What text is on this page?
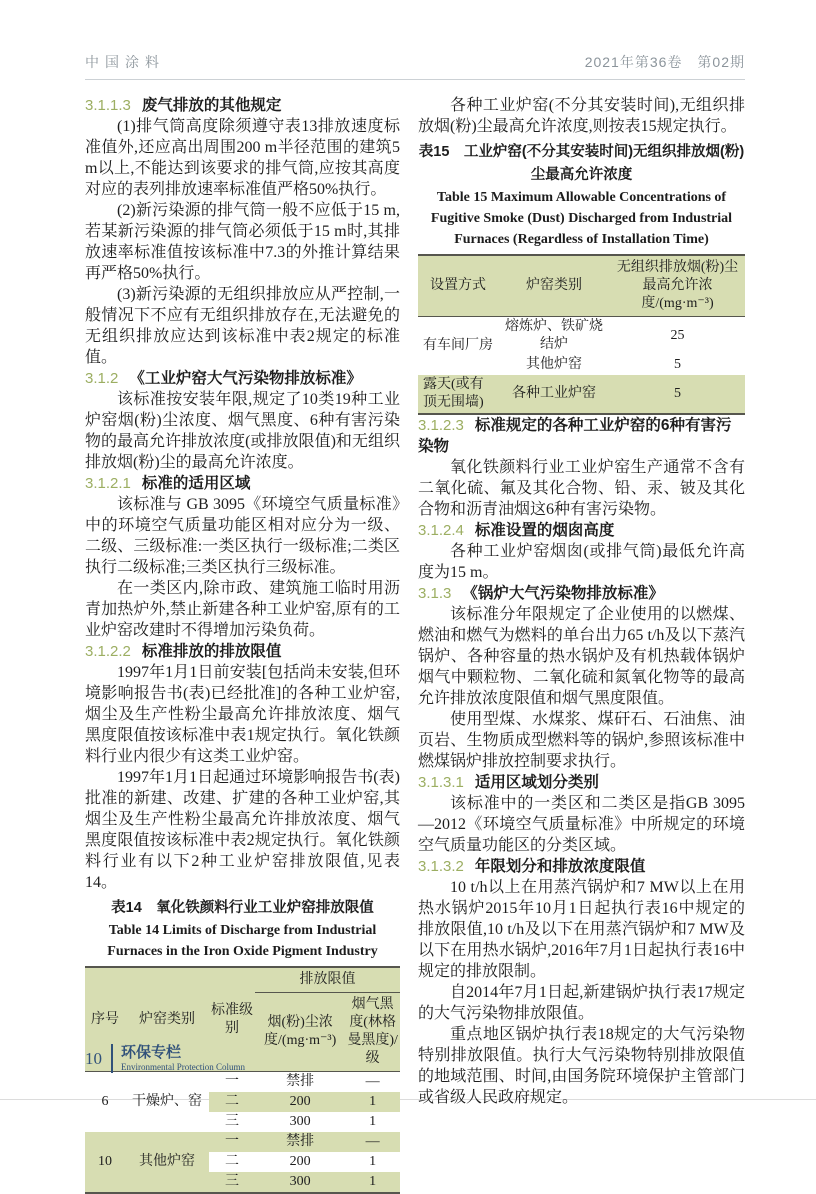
中国涂料	2021年第36卷　第02期

3.1.1.3 废气排放的其他规定

(1)排气筒高度除须遵守表13排放速度标准值外,还应高出周围200 m半径范围的建筑5 m以上,不能达到该要求的排气筒,应按其高度对应的表列排放速率标准值严格50%执行。

(2)新污染源的排气筒一般不应低于15 m,若某新污染源的排气筒必须低于15 m时,其排放速率标准值按该标准中7.3的外推计算结果再严格50%执行。

(3)新污染源的无组织排放应从严控制,一般情况下不应有无组织排放存在,无法避免的无组织排放应达到该标准中表2规定的标准值。

3.1.2 《工业炉窑大气污染物排放标准》

该标准按安装年限,规定了10类19种工业炉窑烟(粉)尘浓度、烟气黑度、6种有害污染物的最高允许排放浓度(或排放限值)和无组织排放烟(粉)尘的最高允许浓度。

3.1.2.1 标准的适用区域

该标准与 GB 3095《环境空气质量标准》中的环境空气质量功能区相对应分为一级、二级、三级标准:一类区执行一级标准;二类区执行二级标准;三类区执行三级标准。

在一类区内,除市政、建筑施工临时用沥青加热炉外,禁止新建各种工业炉窑,原有的工业炉窑改建时不得增加污染负荷。

3.1.2.2 标准排放的排放限值

1997年1月1日前安装[包括尚未安装,但环境影响报告书(表)已经批准]的各种工业炉窑,烟尘及生产性粉尘最高允许排放浓度、烟气黑度限值按该标准中表1规定执行。氧化铁颜料行业内很少有这类工业炉窑。

1997年1月1日起通过环境影响报告书(表)批准的新建、改建、扩建的各种工业炉窑,其烟尘及生产性粉尘最高允许排放浓度、烟气黑度限值按该标准中表2规定执行。氧化铁颜料行业有以下2种工业炉窑排放限值,见表14。

表14　氧化铁颜料行业工业炉窑排放限值

Table 14 Limits of Discharge from Industrial Furnaces in the Iron Oxide Pigment Industry

序号	炉窑类别	标准级别	排放限值	
			烟(粉)尘浓度/(mg·m⁻³)	烟气黑度(林格曼黑度)/级
6	干燥炉、窑	一	禁排	—
		二	200	1
		三	300	1
10	其他炉窑	一	禁排	—
		二	200	1
		三	300	1

各种工业炉窑(不分其安装时间),无组织排放烟(粉)尘最高允许浓度,则按表15规定执行。

表15　工业炉窑(不分其安装时间)无组织排放烟(粉)尘最高允许浓度

Table 15 Maximum Allowable Concentrations of Fugitive Smoke (Dust) Discharged from Industrial Furnaces (Regardless of Installation Time)

设置方式	炉窑类别	无组织排放烟(粉)尘最高允许浓度/(mg·m⁻³)
有车间厂房	熔炼炉、铁矿烧结炉	25
	其他炉窑	5
露天(或有顶无围墙)	各种工业炉窑	5

3.1.2.3 标准规定的各种工业炉窑的6种有害污染物

氧化铁颜料行业工业炉窑生产通常不含有二氧化硫、氟及其化合物、铅、汞、铍及其化合物和沥青油烟这6种有害污染物。

3.1.2.4 标准设置的烟囱高度

各种工业炉窑烟囱(或排气筒)最低允许高度为15 m。

3.1.3 《锅炉大气污染物排放标准》

该标准分年限规定了企业使用的以燃煤、燃油和燃气为燃料的单台出力65 t/h及以下蒸汽锅炉、各种容量的热水锅炉及有机热载体锅炉烟气中颗粒物、二氧化硫和氮氧化物等的最高允许排放浓度限值和烟气黑度限值。

使用型煤、水煤浆、煤矸石、石油焦、油页岩、生物质成型燃料等的锅炉,参照该标准中燃煤锅炉排放控制要求执行。

3.1.3.1 适用区域划分类别

该标准中的一类区和二类区是指GB 3095—2012《环境空气质量标准》中所规定的环境空气质量功能区的分类区域。

3.1.3.2 年限划分和排放浓度限值

10 t/h以上在用蒸汽锅炉和7 MW以上在用热水锅炉2015年10月1日起执行表16中规定的排放限值,10 t/h及以下在用蒸汽锅炉和7 MW及以下在用热水锅炉,2016年7月1日起执行表16中规定的排放限制。

自2014年7月1日起,新建锅炉执行表17规定的大气污染物排放限值。

重点地区锅炉执行表18规定的大气污染物特别排放限值。执行大气污染物特别排放限值的地域范围、时间,由国务院环境保护主管部门或省级人民政府规定。

10 环保专栏
Environmental Protection Column
